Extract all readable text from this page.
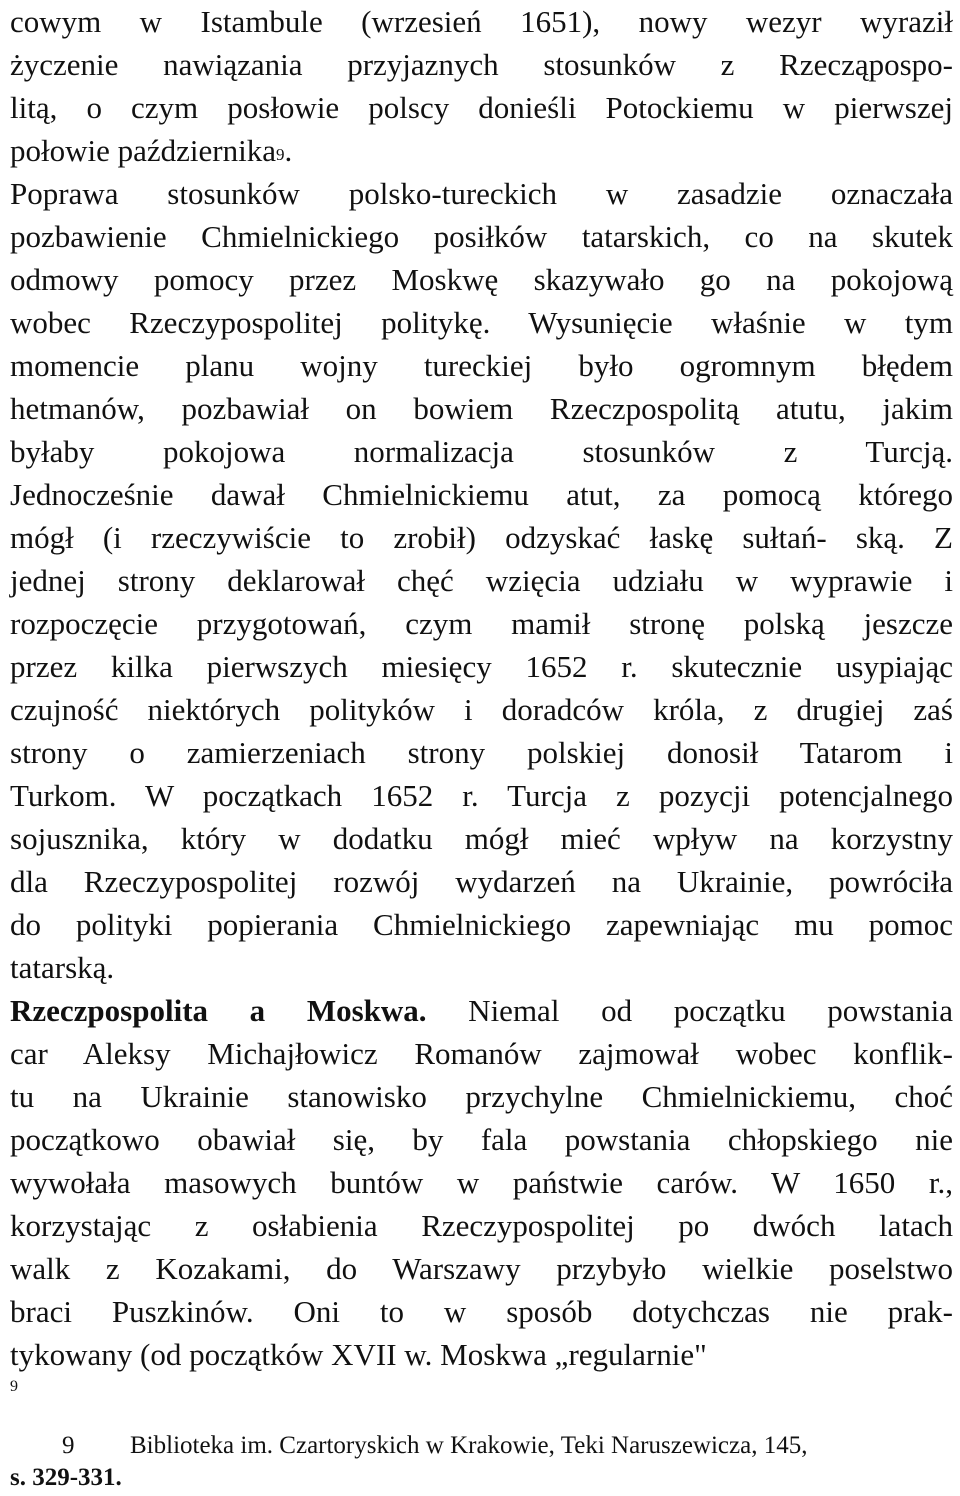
cowym w Istambule (wrzesień 1651), nowy wezyr wyraził
życzenie nawiązania przyjaznych stosunków z Rzecząpospo-
litą, o czym posłowie polscy donieśli Potockiemu w pierwszej
połowie października$^9$.
Poprawa stosunków polsko-tureckich w zasadzie oznaczała
pozbawienie Chmielnickiego posiłków tatarskich, co na skutek
odmowy pomocy przez Moskwę skazywało go na pokojową
wobec Rzeczypospolitej politykę. Wysunięcie właśnie w tym
momencie planu wojny tureckiej było ogromnym błędem
hetmanów, pozbawiał on bowiem Rzeczpospolitą atutu, jakim
byłaby pokojowa normalizacja stosunków z Turcją.
Jednocześnie dawał Chmielnickiemu atut, za pomocą którego
mógł (i rzeczywiście to zrobił) odzyskać łaskę sułtań- ską. Z
jednej strony deklarował chęć wzięcia udziału w wyprawie i
rozpoczęcie przygotowań, czym mamił stronę polską jeszcze
przez kilka pierwszych miesięcy 1652 r. skutecznie usypiając
czujność niektórych polityków i doradców króla, z drugiej zaś
strony o zamierzeniach strony polskiej donosił Tatarom i
Turkom. W początkach 1652 r. Turcja z pozycji potencjalnego
sojusznika, który w dodatku mógł mieć wpływ na korzystny
dla Rzeczypospolitej rozwój wydarzeń na Ukrainie, powróciła
do polityki popierania Chmielnickiego zapewniając mu pomoc
tatarską.
Rzeczpospolita a Moskwa. Niemal od początku powstania
car Aleksy Michajłowicz Romanów zajmował wobec konflik-
tu na Ukrainie stanowisko przychylne Chmielnickiemu, choć
początkowo obawiał się, by fala powstania chłopskiego nie
wywołała masowych buntów w państwie carów. W 1650 r.,
korzystając z osłabienia Rzeczypospolitej po dwóch latach
walk z Kozakami, do Warszawy przybyło wielkie poselstwo
braci Puszkinów. Oni to w sposób dotychczas nie prak-
tykowany (od początków XVII w. Moskwa „regularnie"
9
9 Biblioteka im. Czartoryskich w Krakowie, Teki Naruszewicza, 145,
s. 329-331.
